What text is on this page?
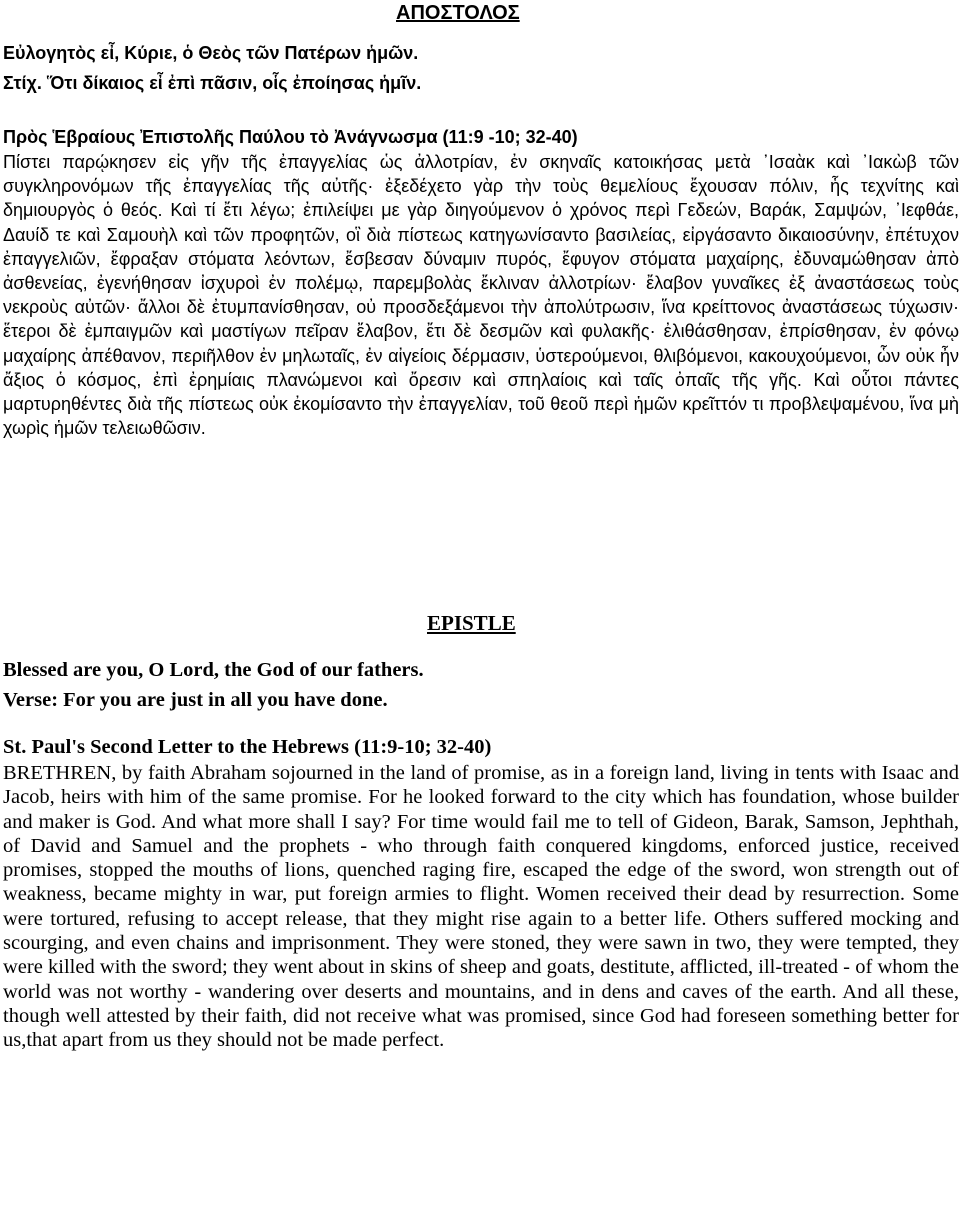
ΑΠΟΣΤΟΛΟΣ
Εὐλογητὸς εἶ, Κύριε, ὁ Θεὸς τῶν Πατέρων ἡμῶν.
Στίχ. Ὅτι δίκαιος εἶ ἐπὶ πᾶσιν, οἷς ἐποίησας ἡμῖν.
Πρὸς Ἑβραίους Ἐπιστολῆς Παύλου τὸ Ἀνάγνωσμα (11:9 -10; 32-40)
Πίστει παρῴκησεν εἰς γῆν τῆς ἐπαγγελίας ὡς ἀλλοτρίαν, ἐν σκηναῖς κατοικήσας μετὰ ᾿Ισαὰκ καὶ ᾿Ιακὼβ τῶν συγκληρονόμων τῆς ἐπαγγελίας τῆς αὐτῆς· ἐξεδέχετο γὰρ τὴν τοὺς θεμελίους ἔχουσαν πόλιν, ἧς τεχνίτης καὶ δημιουργὸς ὁ θεός. Καὶ τί ἔτι λέγω; ἐπιλείψει με γὰρ διηγούμενον ὁ χρόνος περὶ Γεδεών, Βαράκ, Σαμψών, ᾿Ιεφθάε, Δαυίδ τε καὶ Σαμουὴλ καὶ τῶν προφητῶν, οἳ διὰ πίστεως κατηγωνίσαντο βασιλείας, εἰργάσαντο δικαιοσύνην, ἐπέτυχον ἐπαγγελιῶν, ἔφραξαν στόματα λεόντων, ἔσβεσαν δύναμιν πυρός, ἔφυγον στόματα μαχαίρης, ἐδυναμώθησαν ἀπὸ ἀσθενείας, ἐγενήθησαν ἰσχυροὶ ἐν πολέμῳ, παρεμβολὰς ἔκλιναν ἀλλοτρίων· ἔλαβον γυναῖκες ἐξ ἀναστάσεως τοὺς νεκροὺς αὐτῶν· ἄλλοι δὲ ἐτυμπανίσθησαν, οὐ προσδεξάμενοι τὴν ἀπολύτρωσιν, ἵνα κρείττονος ἀναστάσεως τύχωσιν· ἕτεροι δὲ ἐμπαιγμῶν καὶ μαστίγων πεῖραν ἔλαβον, ἔτι δὲ δεσμῶν καὶ φυλακῆς· ἐλιθάσθησαν, ἐπρίσθησαν, ἐν φόνῳ μαχαίρης ἀπέθανον, περιῆλθον ἐν μηλωταῖς, ἐν αἰγείοις δέρμασιν, ὑστερούμενοι, θλιβόμενοι, κακουχούμενοι, ὧν οὐκ ἦν ἄξιος ὁ κόσμος, ἐπὶ ἐρημίαις πλανώμενοι καὶ ὄρεσιν καὶ σπηλαίοις καὶ ταῖς ὀπαῖς τῆς γῆς. Καὶ οὗτοι πάντες μαρτυρηθέντες διὰ τῆς πίστεως οὐκ ἐκομίσαντο τὴν ἐπαγγελίαν, τοῦ θεοῦ περὶ ἡμῶν κρεῖττόν τι προβλεψαμένου, ἵνα μὴ χωρὶς ἡμῶν τελειωθῶσιν.
EPISTLE
Blessed are you, O Lord, the God of our fathers.
Verse: For you are just in all you have done.
St. Paul's Second Letter to the Hebrews (11:9-10; 32-40)
BRETHREN, by faith Abraham sojourned in the land of promise, as in a foreign land, living in tents with Isaac and Jacob, heirs with him of the same promise. For he looked forward to the city which has foundation, whose builder and maker is God. And what more shall I say? For time would fail me to tell of Gideon, Barak, Samson, Jephthah, of David and Samuel and the prophets - who through faith conquered kingdoms, enforced justice, received promises, stopped the mouths of lions, quenched raging fire, escaped the edge of the sword, won strength out of weakness, became mighty in war, put foreign armies to flight. Women received their dead by resurrection. Some were tortured, refusing to accept release, that they might rise again to a better life. Others suffered mocking and scourging, and even chains and imprisonment. They were stoned, they were sawn in two, they were tempted, they were killed with the sword; they went about in skins of sheep and goats, destitute, afflicted, ill-treated - of whom the world was not worthy - wandering over deserts and mountains, and in dens and caves of the earth. And all these, though well attested by their faith, did not receive what was promised, since God had foreseen something better for us,that apart from us they should not be made perfect.
